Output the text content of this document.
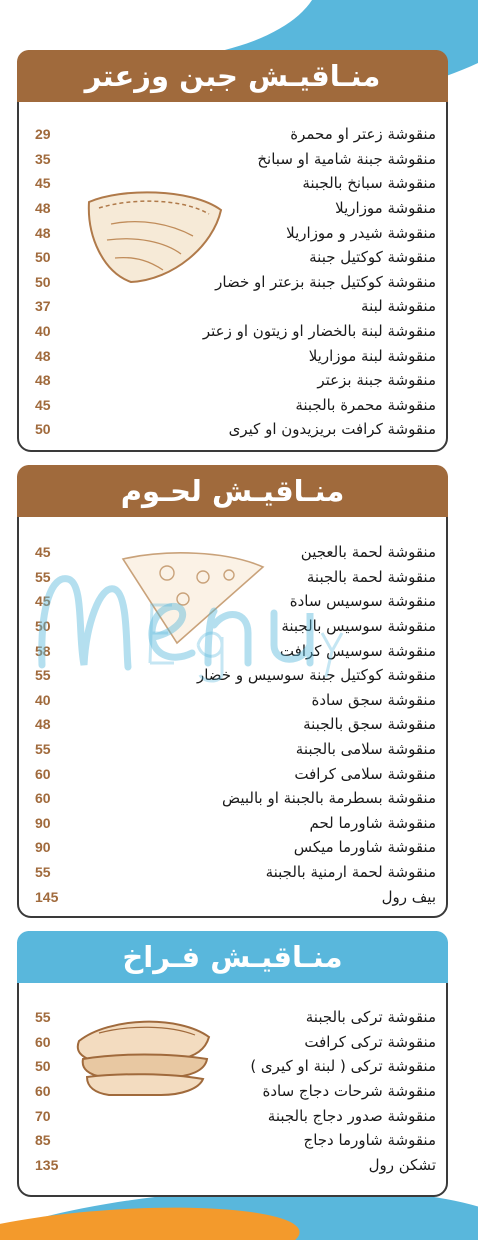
منـاقيـش جبن وزعتر
منقوشة زعتر او محمرة
29
منقوشة جبنة شامية او سبانخ
35
منقوشة سبانخ بالجبنة
45
منقوشة موزاريلا
48
منقوشة شيدر و موزاريلا
48
منقوشة كوكتيل جبنة
50
منقوشة كوكتيل جبنة بزعتر او خضار
50
منقوشة لبنة
37
منقوشة لبنة بالخضار او زيتون او زعتر
40
منقوشة لبنة موزاريلا
48
منقوشة جبنة بزعتر
48
منقوشة محمرة بالجبنة
45
منقوشة كرافت بريزيدون او كيرى
50
منـاقيـش لحـوم
منقوشة لحمة بالعجين
45
منقوشة لحمة بالجبنة
55
منقوشة سوسيس سادة
45
منقوشة سوسيس بالجبنة
50
منقوشة سوسيس كرافت
58
منقوشة كوكتيل جبنة سوسيس و خضار
55
منقوشة سجق سادة
40
منقوشة سجق بالجبنة
48
منقوشة سلامى بالجبنة
55
منقوشة سلامى كرافت
60
منقوشة بسطرمة بالجبنة او بالبيض
60
منقوشة شاورما لحم
90
منقوشة شاورما ميكس
90
منقوشة لحمة ارمنية بالجبنة
55
بيف رول
145
منـاقيـش فـراخ
منقوشة تركى بالجبنة
55
منقوشة تركى كرافت
60
منقوشة تركى ( لبنة او كيرى )
50
منقوشة شرحات دجاج سادة
60
منقوشة صدور دجاج بالجبنة
70
منقوشة شاورما دجاج
85
تشكن رول
135
